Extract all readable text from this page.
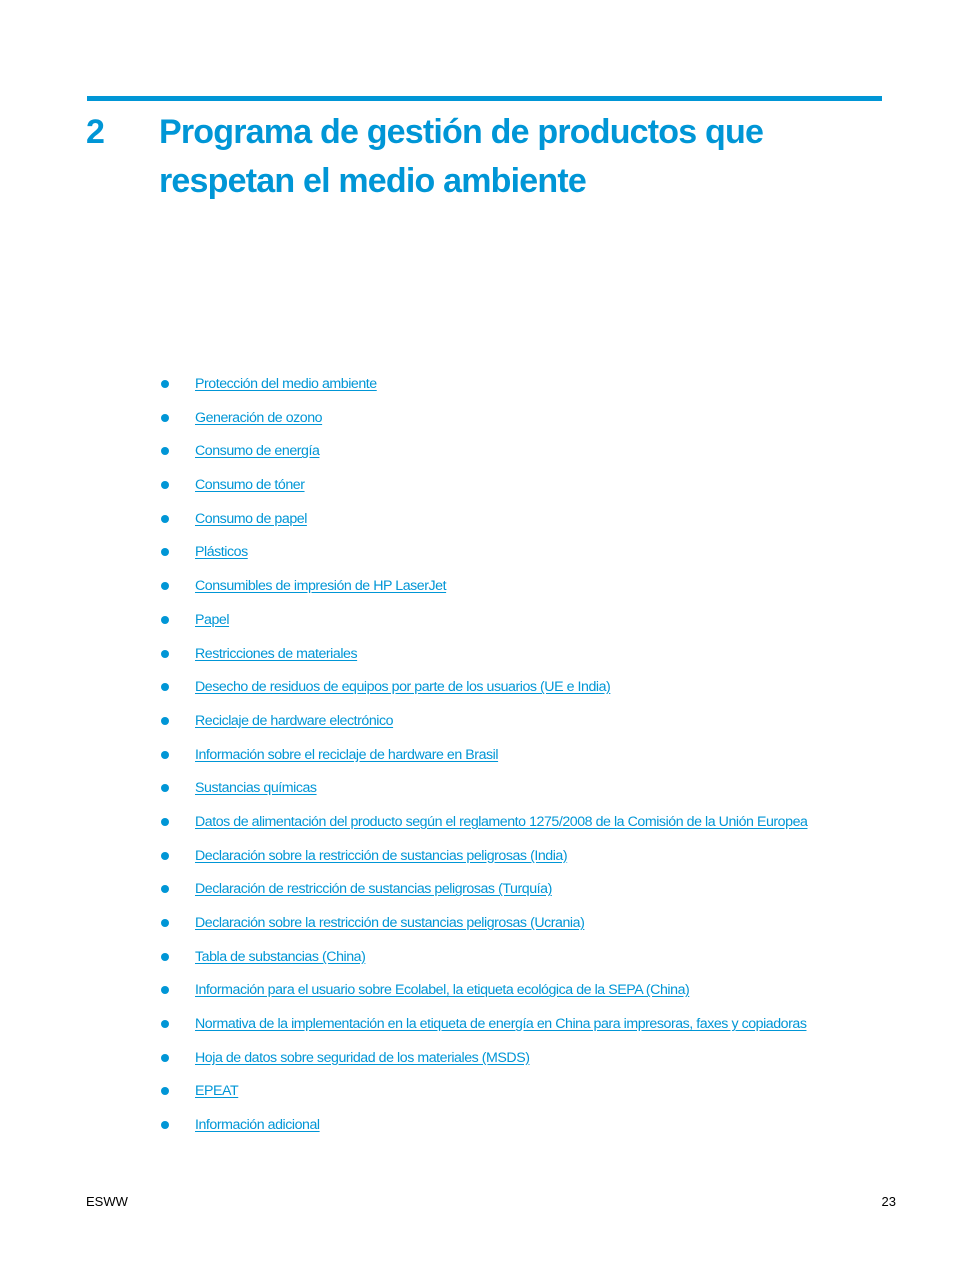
2 Programa de gestión de productos que respetan el medio ambiente
Protección del medio ambiente
Generación de ozono
Consumo de energía
Consumo de tóner
Consumo de papel
Plásticos
Consumibles de impresión de HP LaserJet
Papel
Restricciones de materiales
Desecho de residuos de equipos por parte de los usuarios (UE e India)
Reciclaje de hardware electrónico
Información sobre el reciclaje de hardware en Brasil
Sustancias químicas
Datos de alimentación del producto según el reglamento 1275/2008 de la Comisión de la Unión Europea
Declaración sobre la restricción de sustancias peligrosas (India)
Declaración de restricción de sustancias peligrosas (Turquía)
Declaración sobre la restricción de sustancias peligrosas (Ucrania)
Tabla de substancias (China)
Información para el usuario sobre Ecolabel, la etiqueta ecológica de la SEPA (China)
Normativa de la implementación en la etiqueta de energía en China para impresoras, faxes y copiadoras
Hoja de datos sobre seguridad de los materiales (MSDS)
EPEAT
Información adicional
ESWW	23
